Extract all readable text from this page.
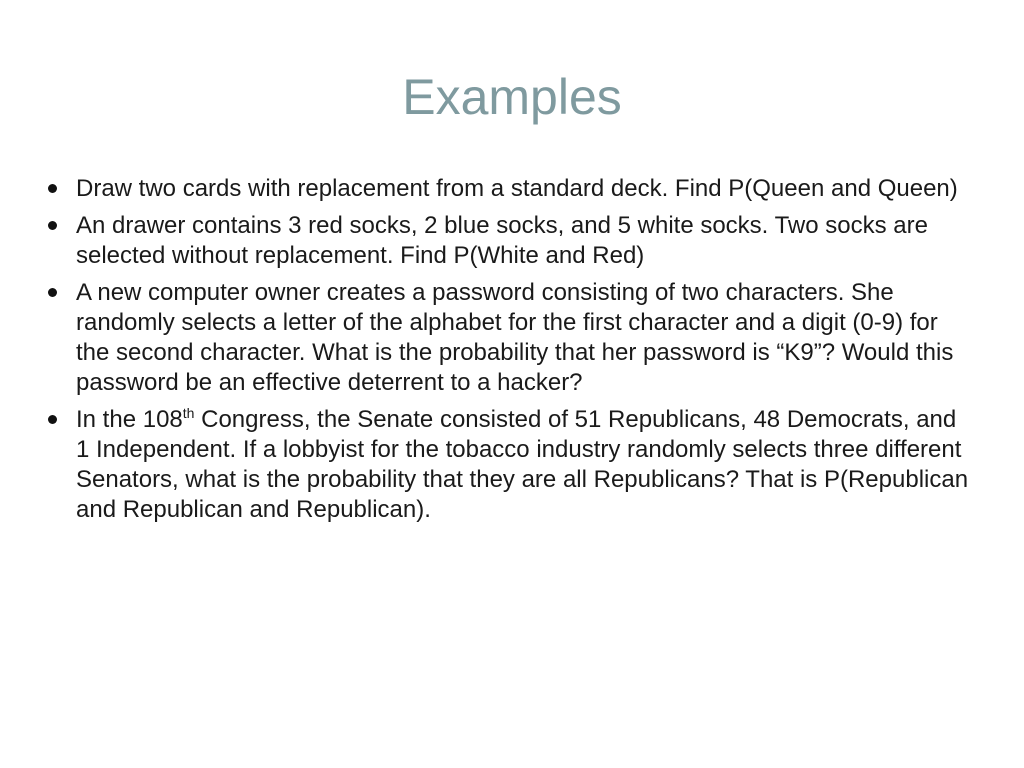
Examples
Draw two cards with replacement from a standard deck. Find P(Queen and Queen)
An drawer contains 3 red socks, 2 blue socks, and 5 white socks. Two socks are selected without replacement. Find P(White and Red)
A new computer owner creates a password consisting of two characters. She randomly selects a letter of the alphabet for the first character and a digit (0-9) for the second character. What is the probability that her password is “K9”? Would this password be an effective deterrent to a hacker?
In the 108th Congress, the Senate consisted of 51 Republicans, 48 Democrats, and 1 Independent. If a lobbyist for the tobacco industry randomly selects three different Senators, what is the probability that they are all Republicans? That is P(Republican and Republican and Republican).
